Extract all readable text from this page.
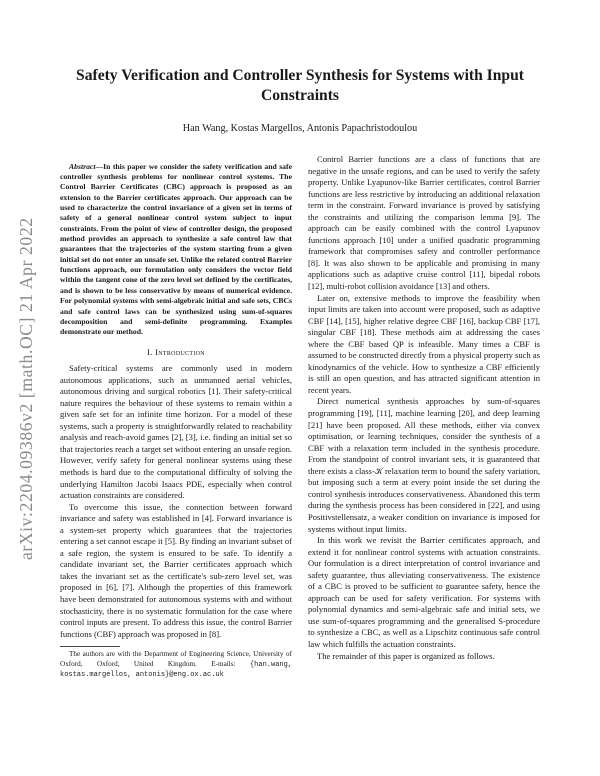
arXiv:2204.09386v2 [math.OC] 21 Apr 2022
Safety Verification and Controller Synthesis for Systems with Input Constraints
Han Wang, Kostas Margellos, Antonis Papachristodoulou

Abstract—In this paper we consider the safety verification and safe controller synthesis problems for nonlinear control systems. The Control Barrier Certificates (CBC) approach is proposed as an extension to the Barrier certificates approach. Our approach can be used to characterize the control invariance of a given set in terms of safety of a general nonlinear control system subject to input constraints. From the point of view of controller design, the proposed method provides an approach to synthesize a safe control law that guarantees that the trajectories of the system starting from a given initial set do not enter an unsafe set. Unlike the related control Barrier functions approach, our formulation only considers the vector field within the tangent cone of the zero level set defined by the certificates, and is shown to be less conservative by means of numerical evidence. For polynomial systems with semi-algebraic initial and safe sets, CBCs and safe control laws can be synthesized using sum-of-squares decomposition and semi-definite programming. Examples demonstrate our method.

I. Introduction

Safety-critical systems are commonly used in modern autonomous applications, such as unmanned aerial vehicles, autonomous driving and surgical robotics [1]. Their safety-critical nature requires the behaviour of these systems to remain within a given safe set for an infinite time horizon. For a model of these systems, such a property is straightforwardly related to reachability analysis and reach-avoid games [2], [3], i.e. finding an initial set so that trajectories reach a target set without entering an unsafe region. However, verify safety for general nonlinear systems using these methods is hard due to the computational difficulty of solving the underlying Hamilton Jacobi Isaacs PDE, especially when control actuation constraints are considered.

To overcome this issue, the connection between forward invariance and safety was established in [4]. Forward invariance is a system-set property which guarantees that the trajectories entering a set cannot escape it [5]. By finding an invariant subset of a safe region, the system is ensured to be safe. To identify a candidate invariant set, the Barrier certificates approach which takes the invariant set as the certificate's sub-zero level set, was proposed in [6], [7]. Although the properties of this framework have been demonstrated for autonomous systems with and without stochasticity, there is no systematic formulation for the case where control inputs are present. To address this issue, the control Barrier functions (CBF) approach was proposed in [8].

The authors are with the Department of Engineering Science, University of Oxford, Oxford, United Kingdom. E-mails: {han.wang, kostas.margellos, antonis}@eng.ox.ac.uk

Control Barrier functions are a class of functions that are negative in the unsafe regions, and can be used to verify the safety property. Unlike Lyapunov-like Barrier certificates, control Barrier functions are less restrictive by introducing an additional relaxation term in the constraint. Forward invariance is proved by satisfying the constraints and utilizing the comparison lemma [9]. The approach can be easily combined with the control Lyapunov functions approach [10] under a unified quadratic programming framework that compromises safety and controller performance [8]. It was also shown to be applicable and promising in many applications such as adaptive cruise control [11], bipedal robots [12], multi-robot collision avoidance [13] and others.

Later on, extensive methods to improve the feasibility when input limits are taken into account were proposed, such as adaptive CBF [14], [15], higher relative degree CBF [16], backup CBF [17], singular CBF [18]. These methods aim at addressing the cases where the CBF based QP is infeasible. Many times a CBF is assumed to be constructed directly from a physical property such as kinodynamics of the vehicle. How to synthesize a CBF efficiently is still an open question, and has attracted significant attention in recent years.

Direct numerical synthesis approaches by sum-of-squares programming [19], [11], machine learning [20], and deep learning [21] have been proposed. All these methods, either via convex optimisation, or learning techniques, consider the synthesis of a CBF with a relaxation term included in the synthesis procedure. From the standpoint of control invariant sets, it is guaranteed that there exists a class-𝒦 relaxation term to bound the safety variation, but imposing such a term at every point inside the set during the control synthesis introduces conservativeness. Abandoned this term during the synthesis process has been considered in [22], and using Positivstellensatz, a weaker condition on invariance is imposed for systems without input limits.

In this work we revisit the Barrier certificates approach, and extend it for nonlinear control systems with actuation constraints. Our formulation is a direct interpretation of control invariance and safety guarantee, thus alleviating conservativeness. The existence of a CBC is proved to be sufficient to guarantee safety, hence the approach can be used for safety verification. For systems with polynomial dynamics and semi-algebraic safe and initial sets, we use sum-of-squares programming and the generalised S-procedure to synthesize a CBC, as well as a Lipschitz continuous safe control law which fulfills the actuation constraints.

The remainder of this paper is organized as follows.
